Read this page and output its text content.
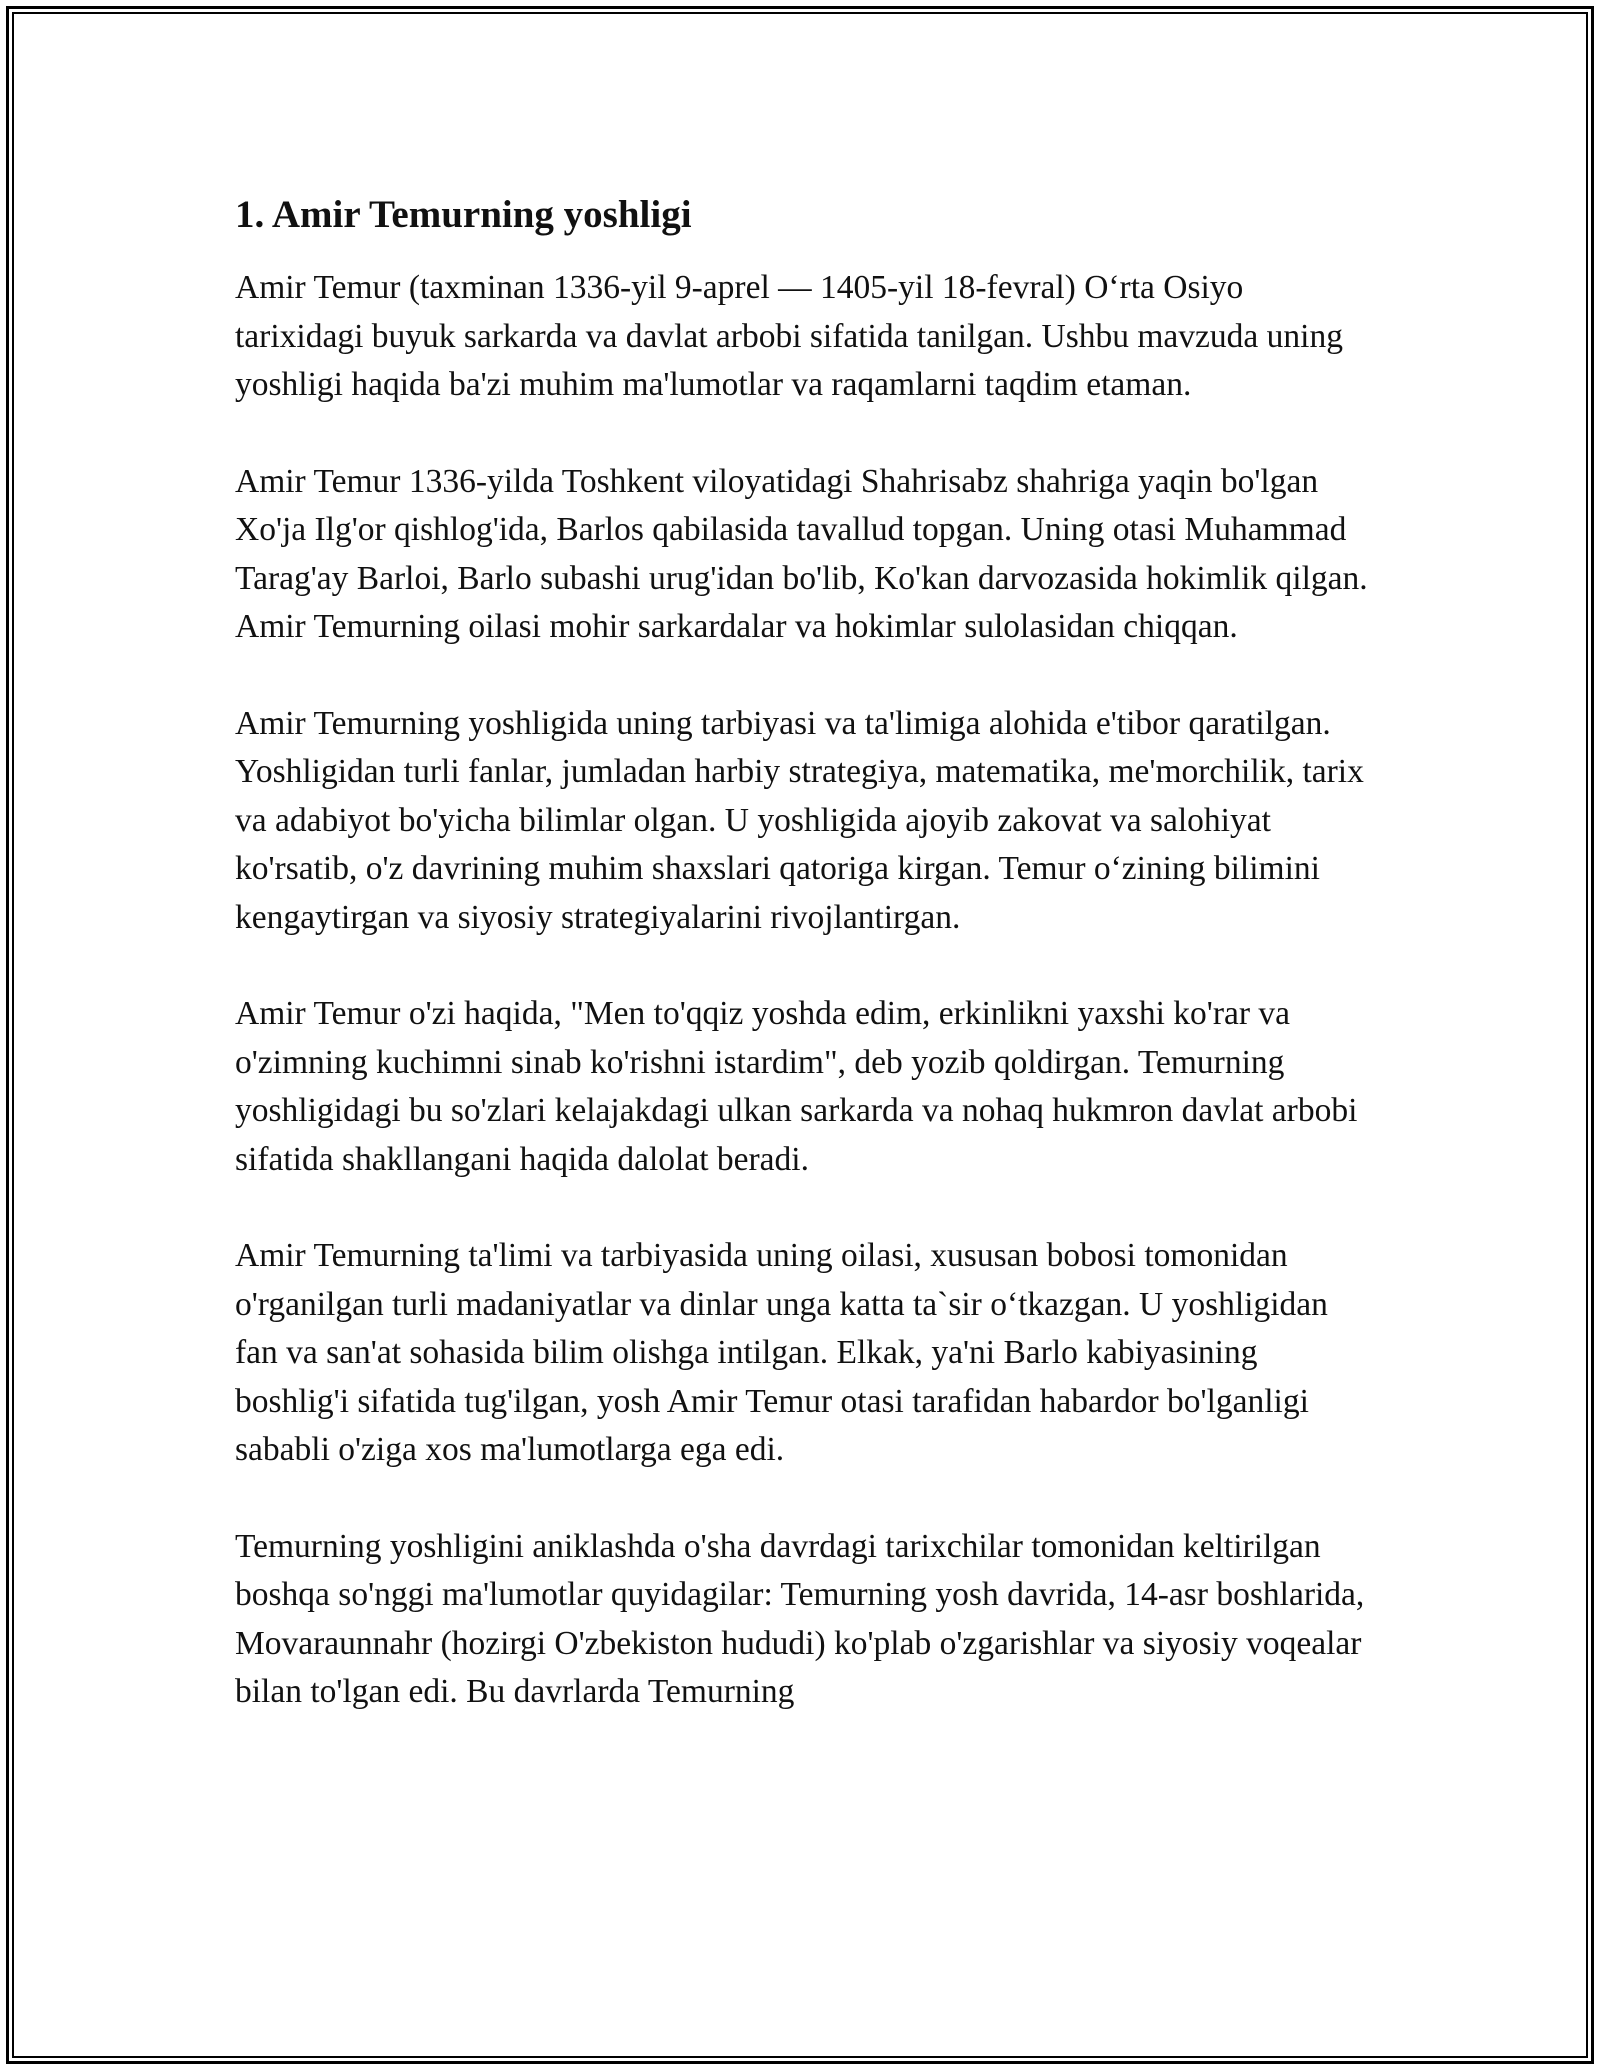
1. Amir Temurning yoshligi

Amir Temur (taxminan 1336-yil 9-aprel — 1405-yil 18-fevral) O‘rta Osiyo tarixidagi buyuk sarkarda va davlat arbobi sifatida tanilgan. Ushbu mavzuda uning yoshligi haqida ba'zi muhim ma'lumotlar va raqamlarni taqdim etaman.

Amir Temur 1336-yilda Toshkent viloyatidagi Shahrisabz shahriga yaqin bo'lgan Xo'ja Ilg'or qishlog'ida, Barlos qabilasida tavallud topgan. Uning otasi Muhammad Tarag'ay Barloi, Barlo subashi urug'idan bo'lib, Ko'kan darvozasida hokimlik qilgan. Amir Temurning oilasi mohir sarkardalar va hokimlar sulolasidan chiqqan.

Amir Temurning yoshligida uning tarbiyasi va ta'limiga alohida e'tibor qaratilgan. Yoshligidan turli fanlar, jumladan harbiy strategiya, matematika, me'morchilik, tarix va adabiyot bo'yicha bilimlar olgan. U yoshligida ajoyib zakovat va salohiyat ko'rsatib, o'z davrining muhim shaxslari qatoriga kirgan. Temur o‘zining bilimini kengaytirgan va siyosiy strategiyalarini rivojlantirgan.

Amir Temur o'zi haqida, "Men to'qqiz yoshda edim, erkinlikni yaxshi ko'rar va o'zimning kuchimni sinab ko'rishni istardim", deb yozib qoldirgan. Temurning yoshligidagi bu so'zlari kelajakdagi ulkan sarkarda va nohaq hukmron davlat arbobi sifatida shakllangani haqida dalolat beradi.

Amir Temurning ta'limi va tarbiyasida uning oilasi, xususan bobosi tomonidan o'rganilgan turli madaniyatlar va dinlar unga katta ta`sir o‘tkazgan. U yoshligidan fan va san'at sohasida bilim olishga intilgan. Elkak, ya'ni Barlo kabiyasining boshlig'i sifatida tug'ilgan, yosh Amir Temur otasi tarafidan habardor bo'lganligi sababli o'ziga xos ma'lumotlarga ega edi.

Temurning yoshligini aniklashda o'sha davrdagi tarixchilar tomonidan keltirilgan boshqa so'nggi ma'lumotlar quyidagilar: Temurning yosh davrida, 14-asr boshlarida, Movaraunnahr (hozirgi O'zbekiston hududi) ko'plab o'zgarishlar va siyosiy voqealar bilan to'lgan edi. Bu davrlarda Temurning
